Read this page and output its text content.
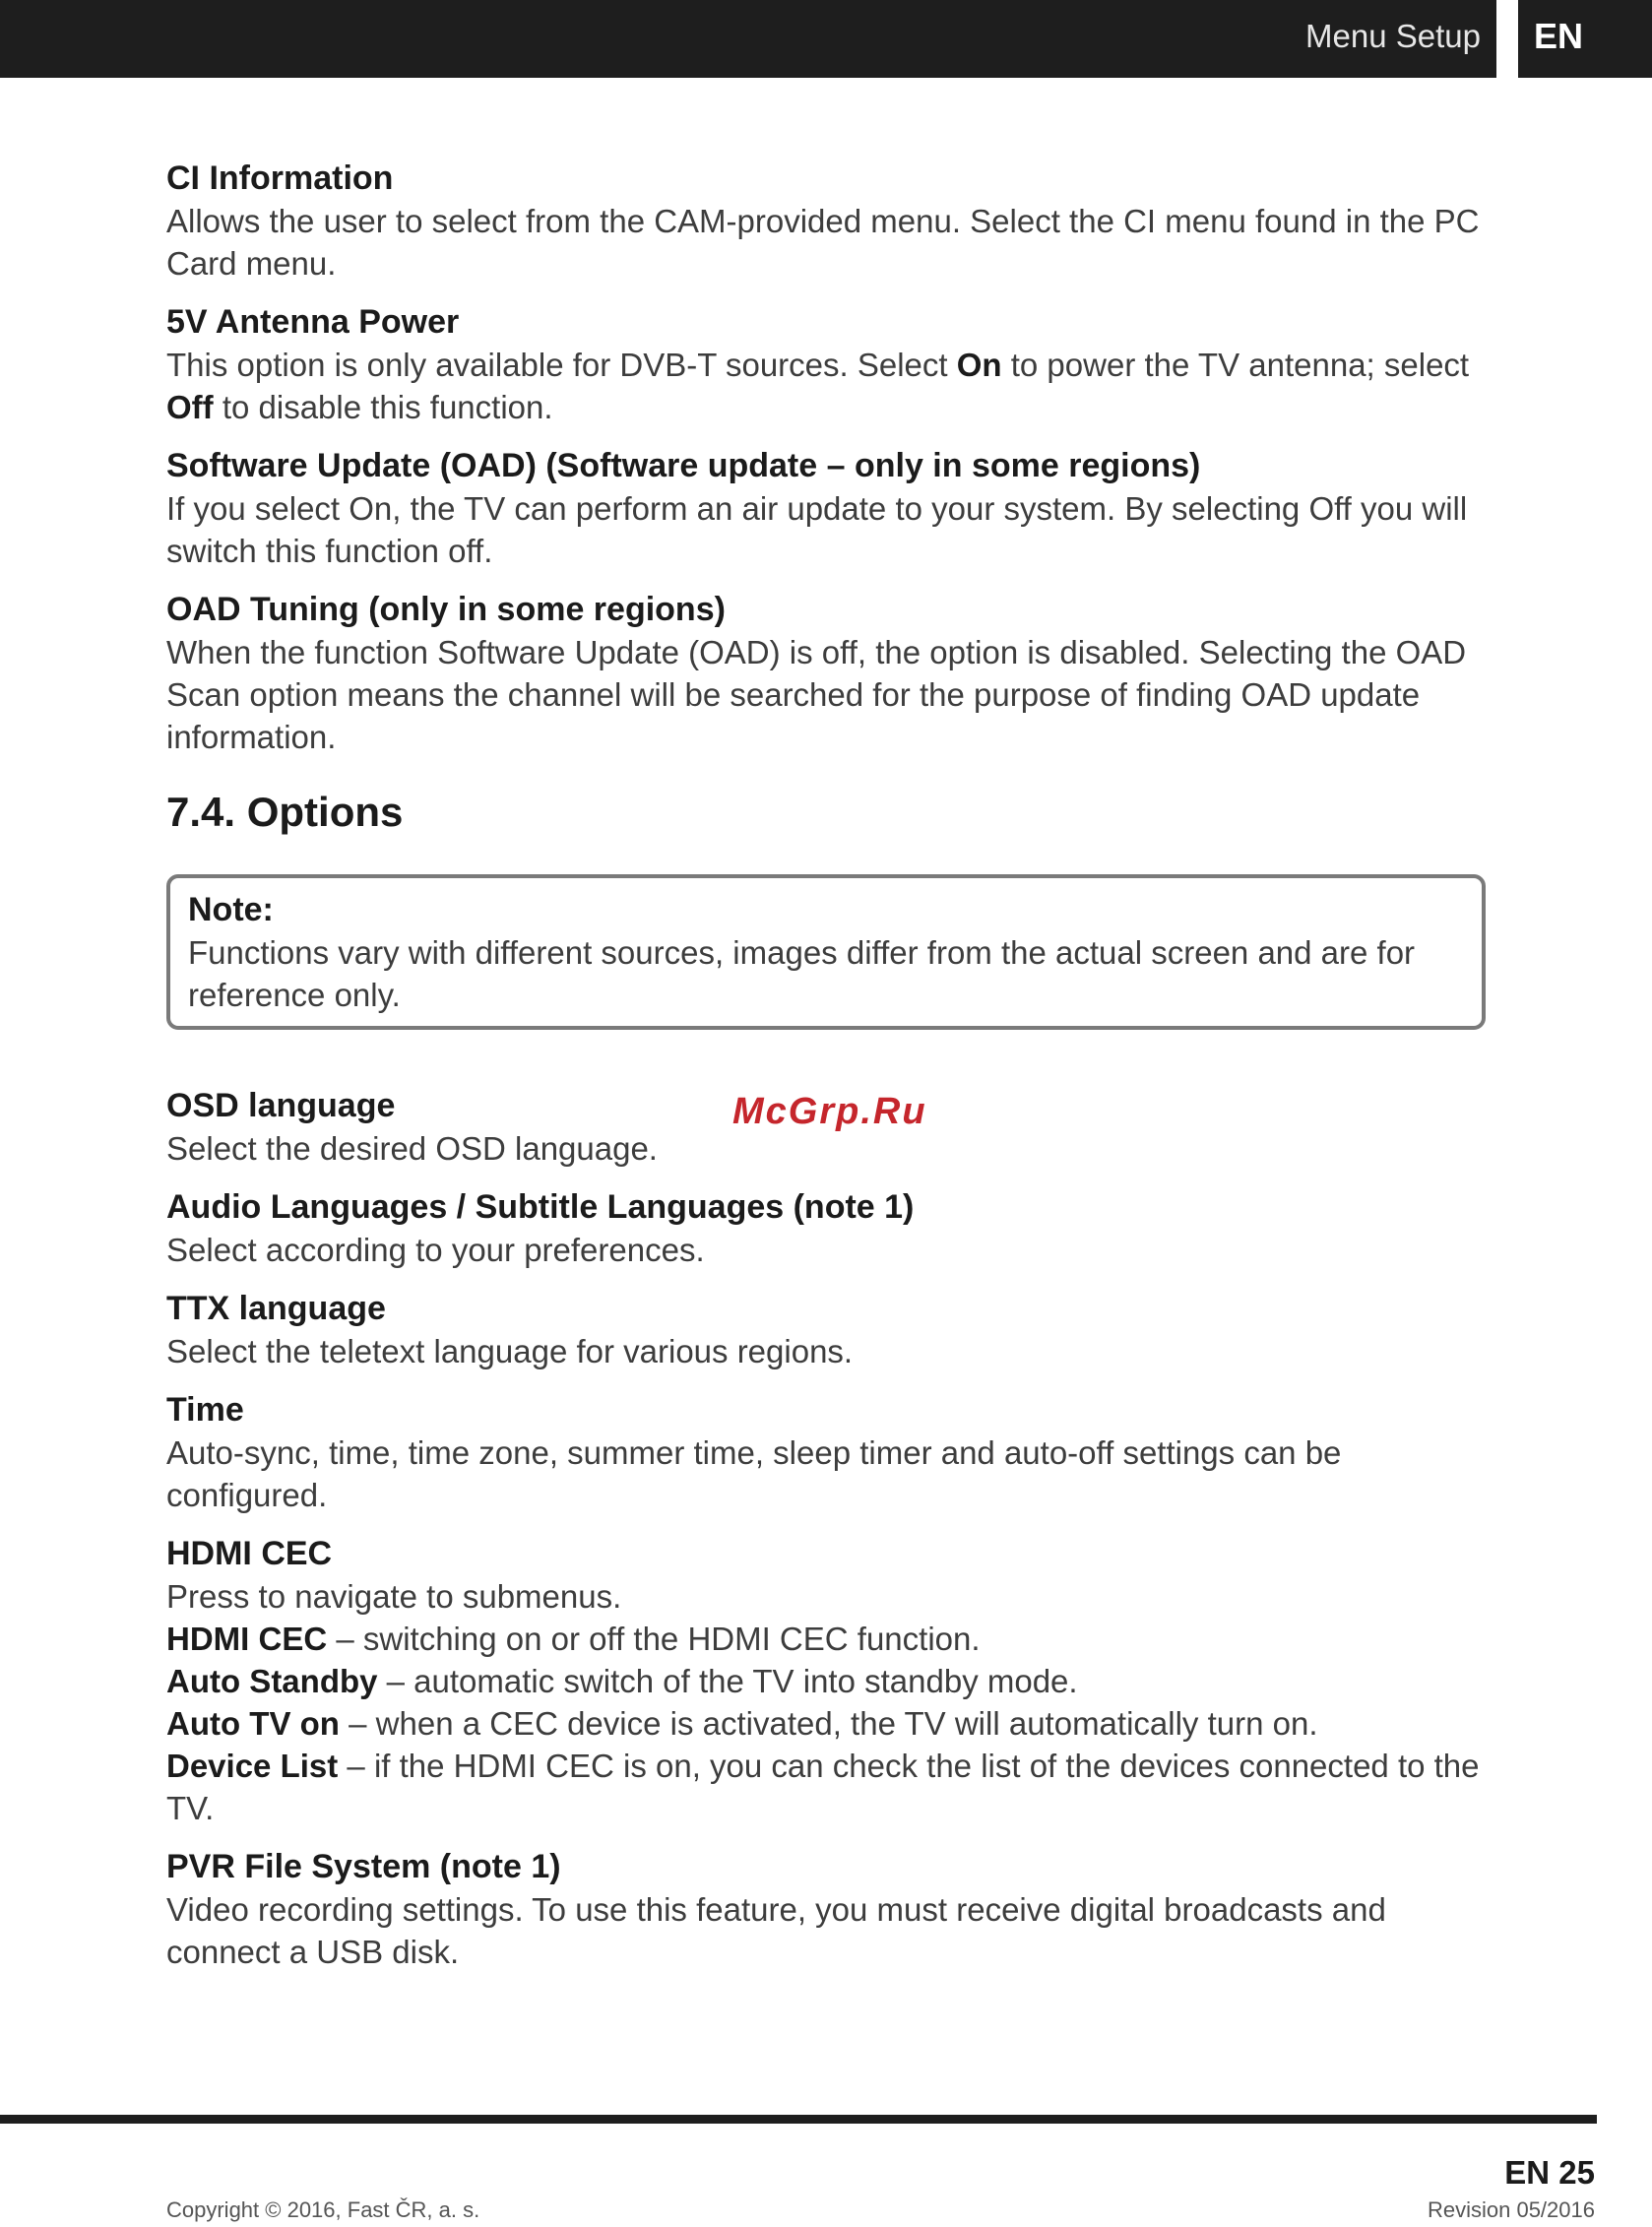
Menu Setup EN
CI Information
Allows the user to select from the CAM-provided menu. Select the CI menu found in the PC Card menu.
5V Antenna Power
This option is only available for DVB-T sources. Select On to power the TV antenna; select Off to disable this function.
Software Update (OAD) (Software update – only in some regions)
If you select On, the TV can perform an air update to your system. By selecting Off you will switch this function off.
OAD Tuning (only in some regions)
When the function Software Update (OAD) is off, the option is disabled. Selecting the OAD Scan option means the channel will be searched for the purpose of finding OAD update information.
7.4. Options
Note:
Functions vary with different sources, images differ from the actual screen and are for reference only.
OSD language
Select the desired OSD language.
Audio Languages / Subtitle Languages (note 1)
Select according to your preferences.
TTX language
Select the teletext language for various regions.
Time
Auto-sync, time, time zone, summer time, sleep timer and auto-off settings can be configured.
HDMI CEC
Press to navigate to submenus.
HDMI CEC – switching on or off the HDMI CEC function.
Auto Standby – automatic switch of the TV into standby mode.
Auto TV on – when a CEC device is activated, the TV will automatically turn on.
Device List – if the HDMI CEC is on, you can check the list of the devices connected to the TV.
PVR File System (note 1)
Video recording settings. To use this feature, you must receive digital broadcasts and connect a USB disk.
McGrp.Ru
EN 25
Copyright © 2016, Fast ČR, a. s.	Revision 05/2016
